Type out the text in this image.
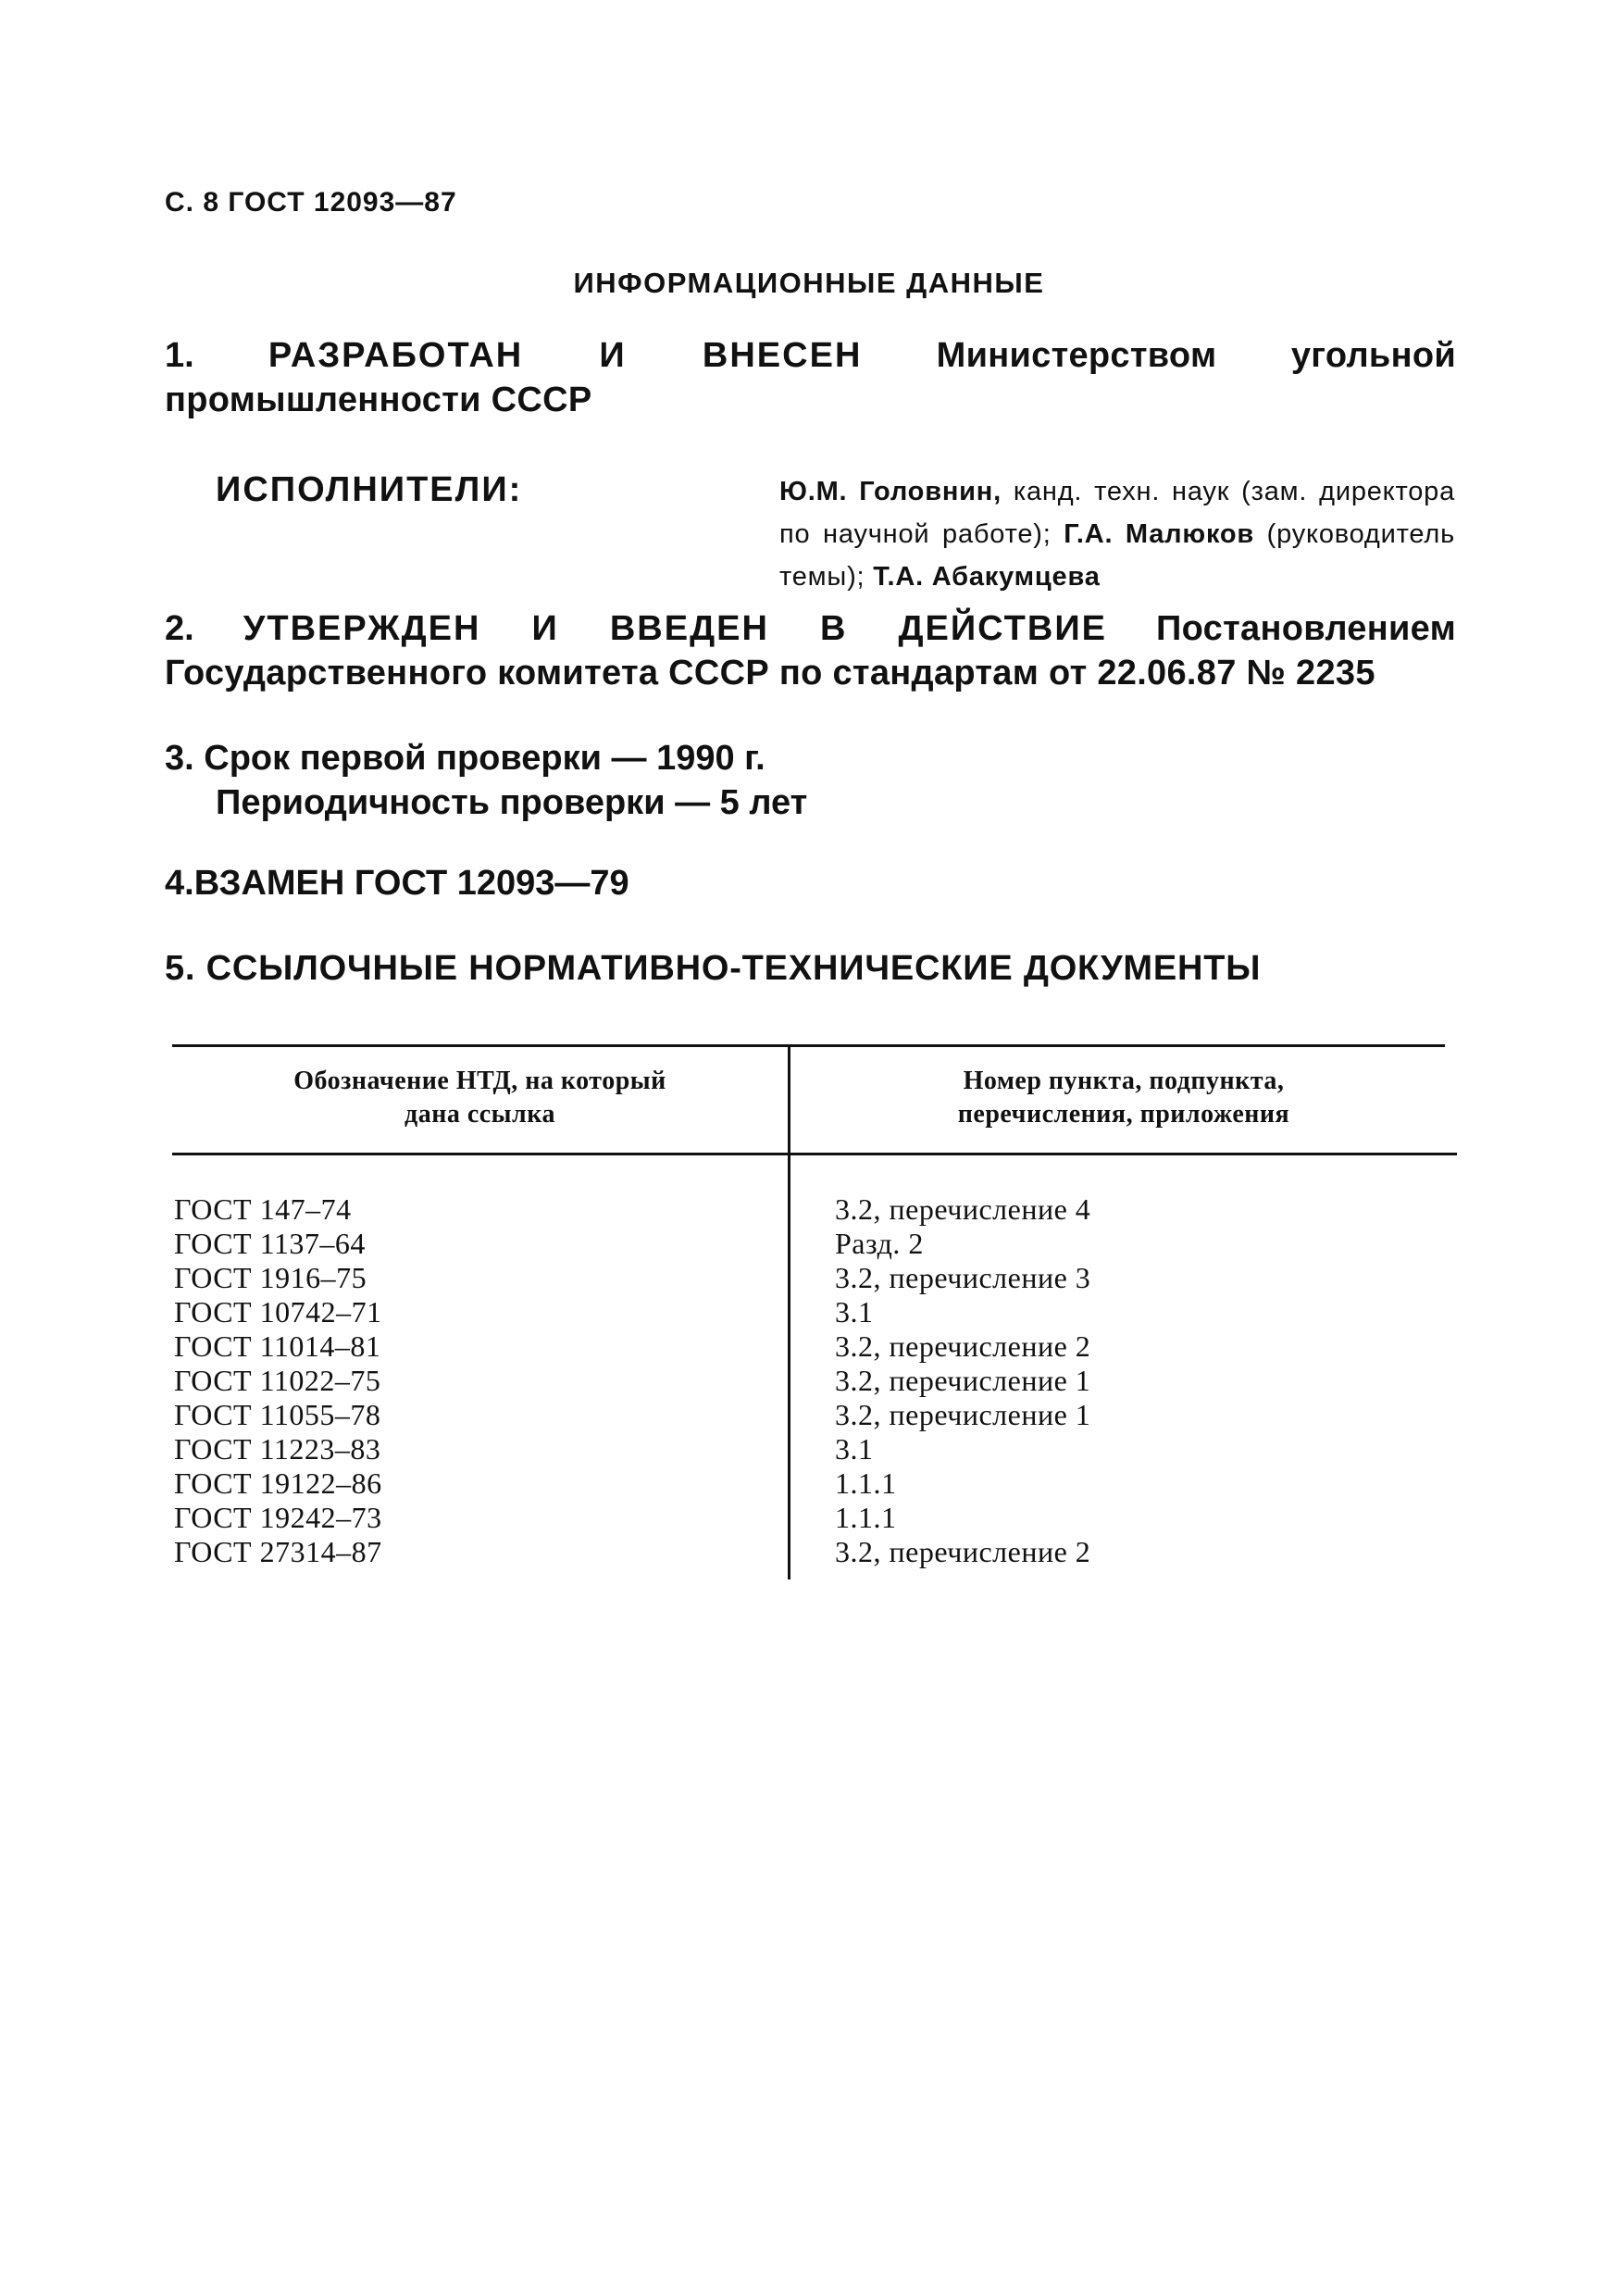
С. 8 ГОСТ 12093—87
ИНФОРМАЦИОННЫЕ ДАННЫЕ
1. РАЗРАБОТАН И ВНЕСЕН Министерством угольной промышленности СССР
ИСПОЛНИТЕЛИ:	Ю.М. Головнин, канд. техн. наук (зам. директора по научной работе); Г.А. Малюков (руководитель темы); Т.А. Абакумцева
2. УТВЕРЖДЕН И ВВЕДЕН В ДЕЙСТВИЕ Постановлением Государственного комитета СССР по стандартам от 22.06.87 № 2235
3. Срок первой проверки — 1990 г.
Периодичность проверки — 5 лет
4.ВЗАМЕН ГОСТ 12093—79
5. ССЫЛОЧНЫЕ НОРМАТИВНО-ТЕХНИЧЕСКИЕ ДОКУМЕНТЫ
Обозначение НТД, на который
дана ссылка
Номер пункта, подпункта,
перечисления, приложения
ГОСТ 147–74
ГОСТ 1137–64
ГОСТ 1916–75
ГОСТ 10742–71
ГОСТ 11014–81
ГОСТ 11022–75
ГОСТ 11055–78
ГОСТ 11223–83
ГОСТ 19122–86
ГОСТ 19242–73
ГОСТ 27314–87
3.2, перечисление 4
Разд. 2
3.2, перечисление 3
3.1
3.2, перечисление 2
3.2, перечисление 1
3.2, перечисление 1
3.1
1.1.1
1.1.1
3.2, перечисление 2
